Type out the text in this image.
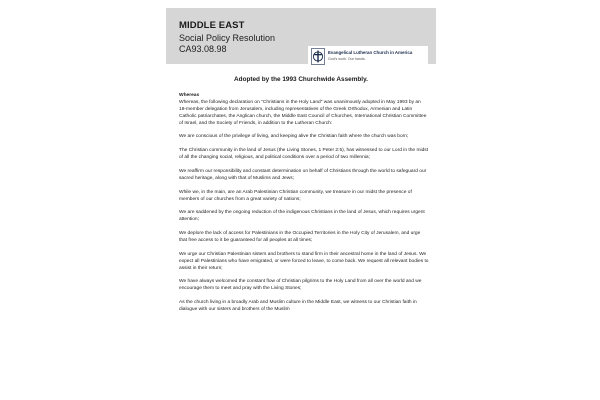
MIDDLE EAST
Social Policy Resolution
CA93.08.98	Evangelical Lutheran Church in America
God's work. Our hands.
Adopted by the 1993 Churchwide Assembly.

Whereas

Whereas, the following declaration on "Christians in the Holy Land" was unanimously adopted in May 1993 by an 18-member delegation from Jerusalem, including representatives of the Greek Orthodox, Armenian and Latin Catholic patriarchates, the Anglican church, the Middle East Council of Churches, International Christian Committee of Israel, and the Society of Friends, in addition to the Lutheran Church:

We are conscious of the privilege of living, and keeping alive the Christian faith where the church was born;

The Christian community in the land of Jesus (the Living Stones, 1 Peter 2:5), has witnessed to our Lord in the midst of all the changing social, religious, and political conditions over a period of two millennia;

We reaffirm our responsibility and constant determination on behalf of Christians through the world to safeguard our sacred heritage, along with that of Muslims and Jews;

While we, in the main, are an Arab Palestinian Christian community, we treasure in our midst the presence of members of our churches from a great variety of nations;

We are saddened by the ongoing reduction of the indigenous Christians in the land of Jesus, which requires urgent attention;

We deplore the lack of access for Palestinians in the Occupied Territories in the Holy City of Jerusalem, and urge that free access to it be guaranteed for all peoples at all times;

We urge our Christian Palestinian sisters and brothers to stand firm in their ancestral home in the land of Jesus. We expect all Palestinians who have emigrated, or were forced to leave, to come back. We request all relevant bodies to assist in their return;

We have always welcomed the constant flow of Christian pilgrims to the Holy Land from all over the world and we encourage them to meet and pray with the Living Stones;

As the church living in a broadly Arab and Muslim culture in the Middle East, we witness to our Christian faith in dialogue with our sisters and brothers of the Muslim
